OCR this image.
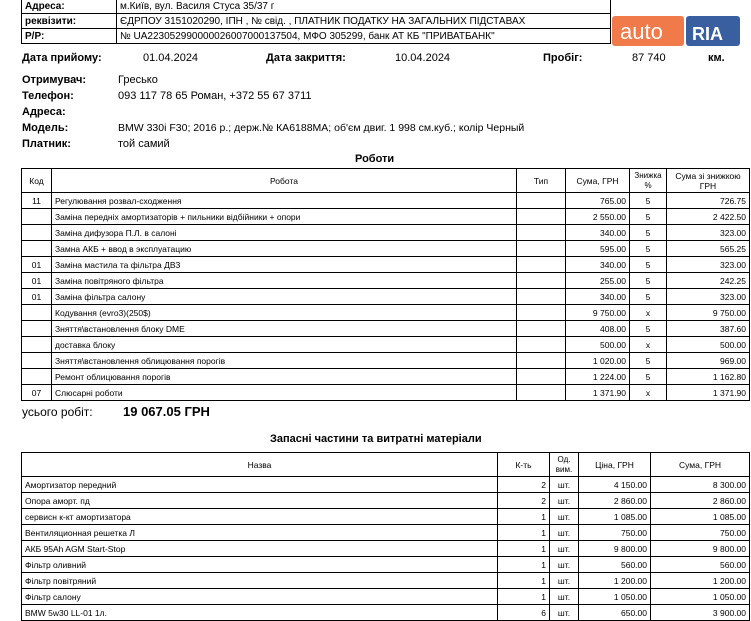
Адреса:	м.Київ, вул. Василя Стуса 35/37 г
реквізити:	ЄДРПОУ 3151020290, ІПН , № свід. , ПЛАТНИК ПОДАТКУ НА ЗАГАЛЬНИХ ПІДСТАВАХ
Р/Р:	№ UA223052990000026007000137504, МФО 305299, банк АТ КБ "ПРИВАТБАНК"	auto RIA
Дата прийому:	01.04.2024	Дата закриття:	10.04.2024	Пробіг:	87 740	км.
Отримувач:	Гресько
Телефон:	093 117 78 65 Роман, +372 55 67 3711
Адреса:
Модель:	BMW 330i F30; 2016 р.; держ.№ КА6188МА; об'єм двиг. 1 998 см.куб.; колір Черный
Платник:	той самий
Роботи
Код	Робота	Тип	Сума, ГРН	Знижка %	Сума зі знижкою ГРН
11	Регулювання розвал-сходження		765.00	5	726.75
	Заміна передніх амортизаторів + пильники відбійники + опори		2 550.00	5	2 422.50
	Заміна дифузора П.Л. в салоні		340.00	5	323.00
	Замна АКБ + ввод в эксплуатацию		595.00	5	565.25
01	Заміна мастила та фільтра ДВЗ		340.00	5	323.00
01	Заміна повітряного фільтра		255.00	5	242.25
01	Заміна фільтра салону		340.00	5	323.00
	Кодування (evro3)(250$)		9 750.00	x	9 750.00
	Зняття\встановлення блоку DME		408.00	5	387.60
	доставка блоку		500.00	x	500.00
	Зняття\встановлення облицювання порогів		1 020.00	5	969.00
	Ремонт облицювання порогів		1 224.00	5	1 162.80
07	Слюсарні роботи		1 371.90	x	1 371.90
усього робіт: 19 067.05 ГРН
Запасні частини та витратні матеріали
Назва	К-ть	Од. вим.	Ціна, ГРН	Сума, ГРН
Амортизатор передний	2	шт.	4 150.00	8 300.00
Опора аморт. пд	2	шт.	2 860.00	2 860.00
сервисн к-кт амортизатора	1	шт.	1 085.00	1 085.00
Вентиляционная решетка Л	1	шт.	750.00	750.00
АКБ 95Ah AGM Start-Stop	1	шт.	9 800.00	9 800.00
Фільтр оливний	1	шт.	560.00	560.00
Фільтр повітряний	1	шт.	1 200.00	1 200.00
Фільтр салону	1	шт.	1 050.00	1 050.00
BMW 5w30 LL-01 1л.	6	шт.	650.00	3 900.00
